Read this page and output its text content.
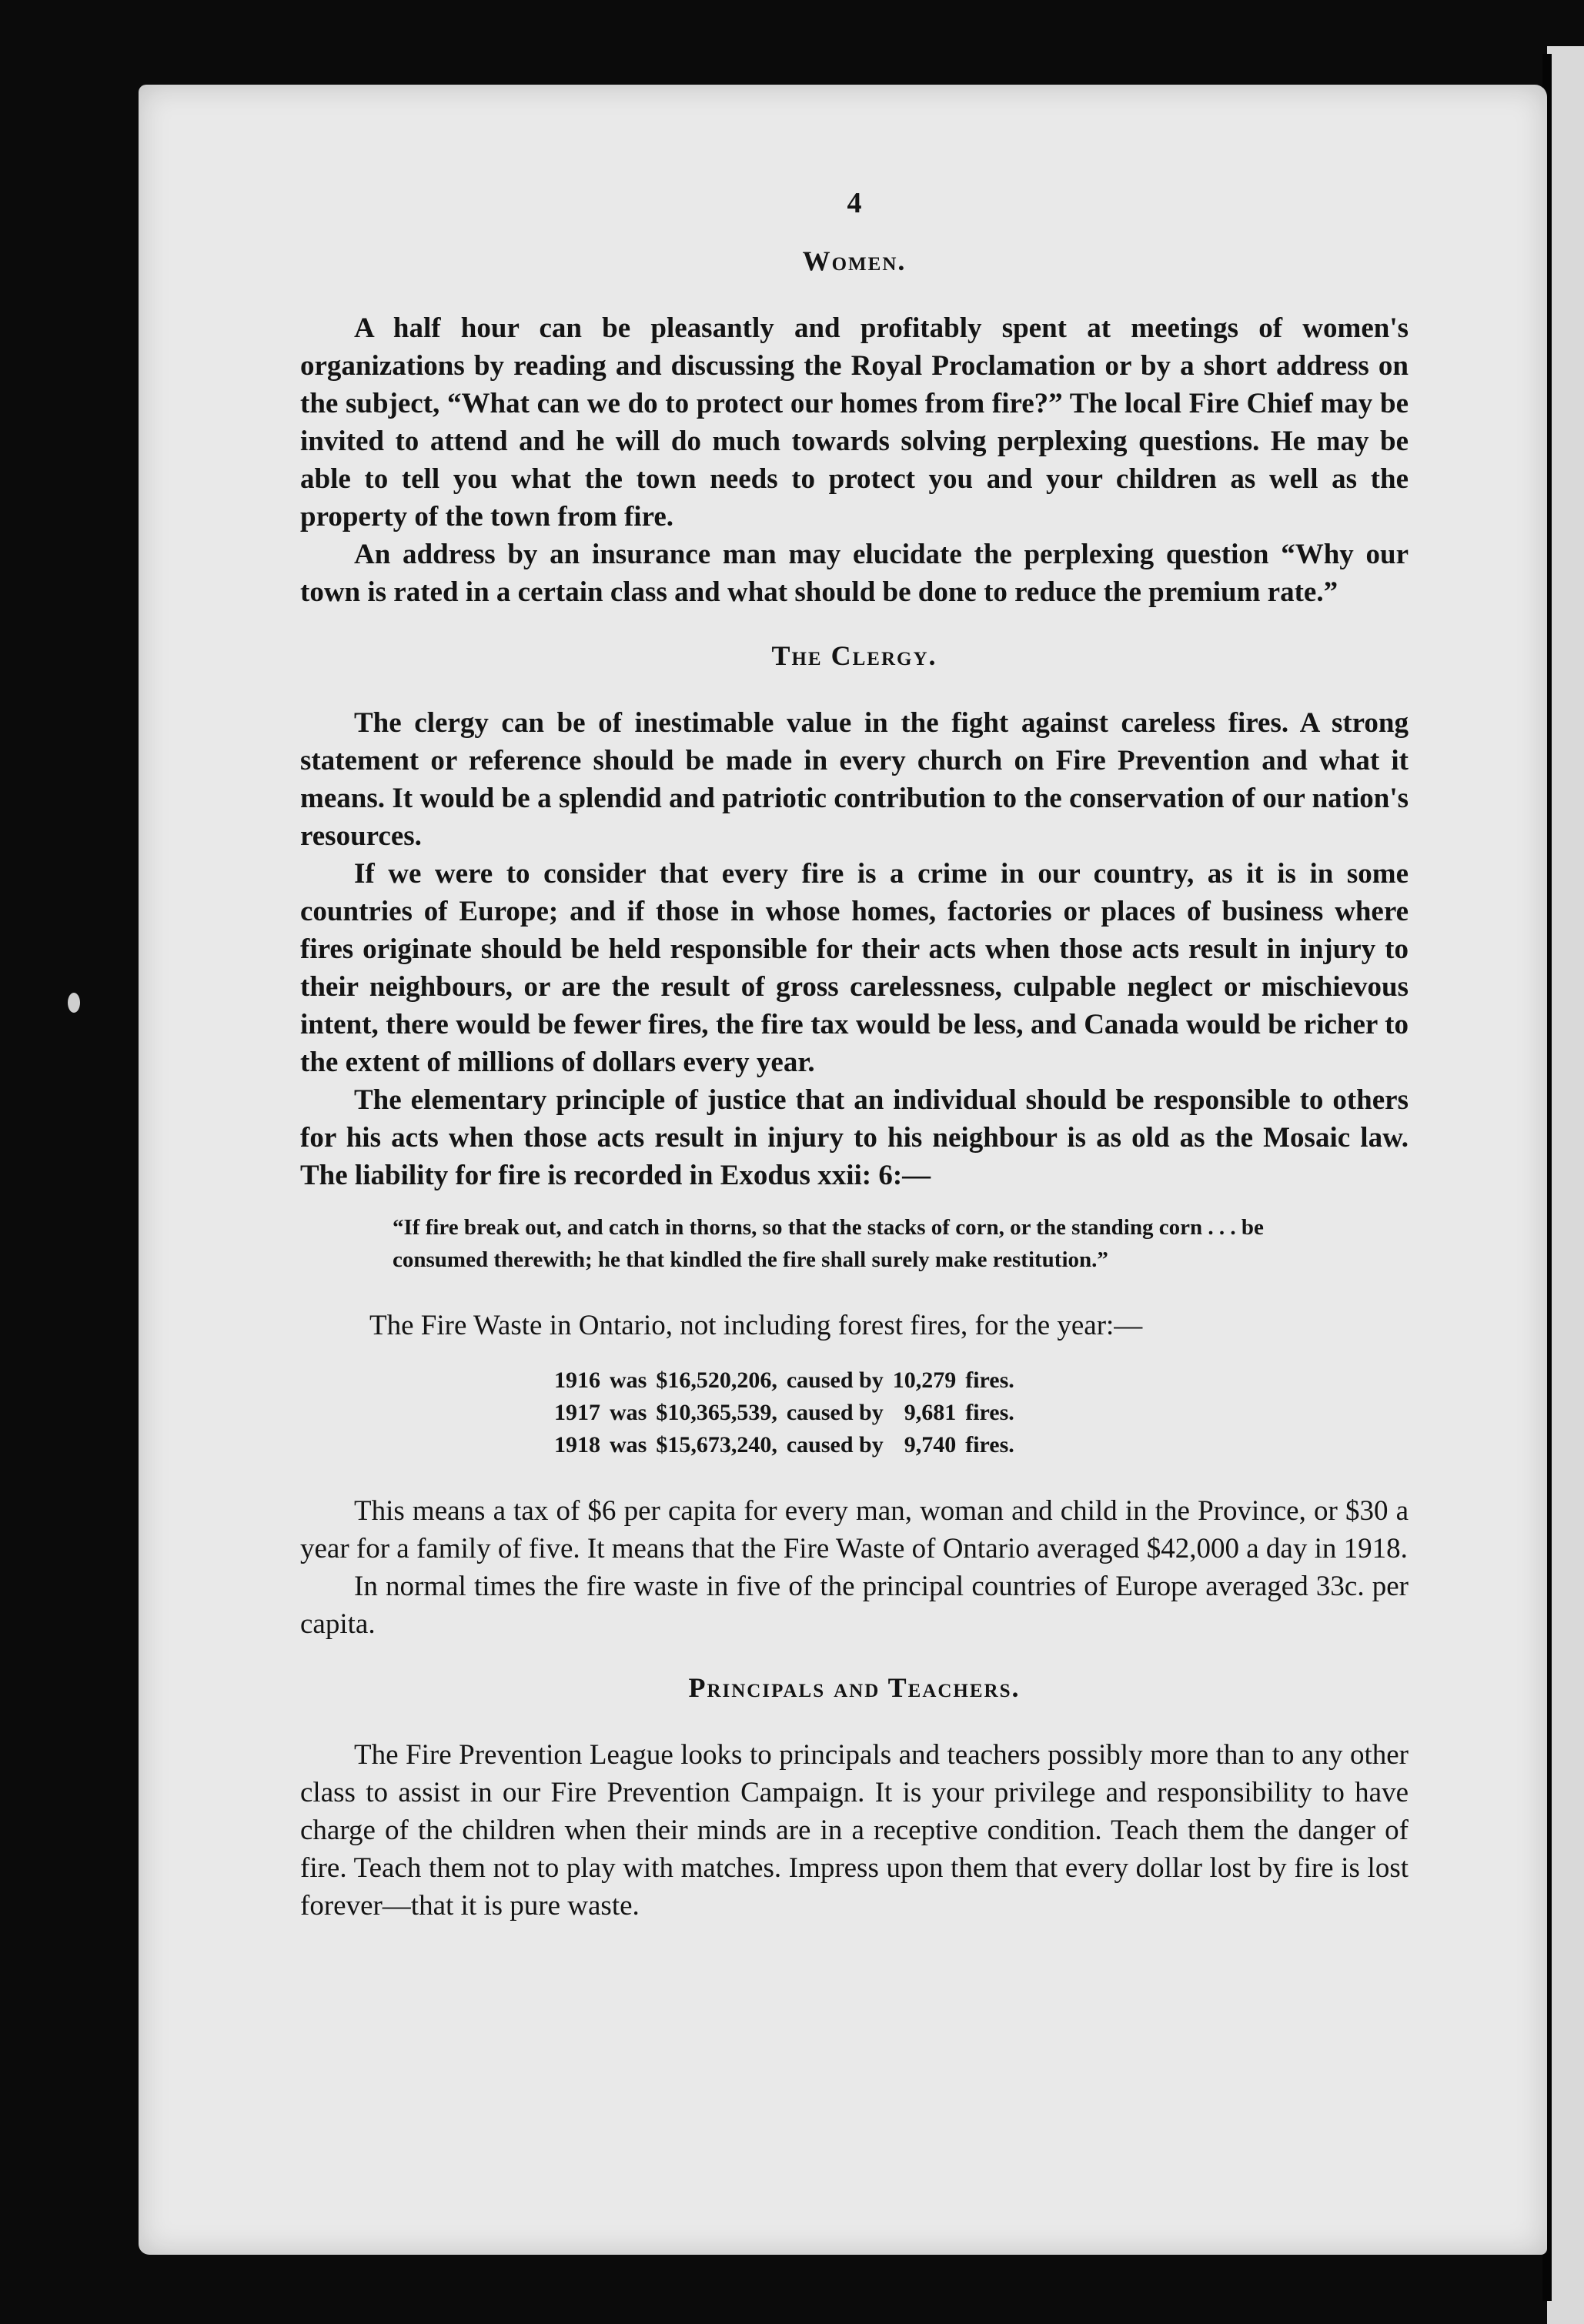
4
Women.

A half hour can be pleasantly and profitably spent at meetings of women's organizations by reading and discussing the Royal Proclamation or by a short address on the subject, “What can we do to protect our homes from fire?” The local Fire Chief may be invited to attend and he will do much towards solving perplexing questions. He may be able to tell you what the town needs to protect you and your children as well as the property of the town from fire.

An address by an insurance man may elucidate the perplexing question “Why our town is rated in a certain class and what should be done to reduce the premium rate.”

The Clergy.

The clergy can be of inestimable value in the fight against careless fires. A strong statement or reference should be made in every church on Fire Prevention and what it means. It would be a splendid and patriotic contribution to the conservation of our nation's resources.

If we were to consider that every fire is a crime in our country, as it is in some countries of Europe; and if those in whose homes, factories or places of business where fires originate should be held responsible for their acts when those acts result in injury to their neighbours, or are the result of gross carelessness, culpable neglect or mischievous intent, there would be fewer fires, the fire tax would be less, and Canada would be richer to the extent of millions of dollars every year.

The elementary principle of justice that an individual should be responsible to others for his acts when those acts result in injury to his neighbour is as old as the Mosaic law. The liability for fire is recorded in Exodus xxii: 6:—

“If fire break out, and catch in thorns, so that the stacks of corn, or the standing corn . . . be consumed therewith; he that kindled the fire shall surely make restitution.”

The Fire Waste in Ontario, not including forest fires, for the year:—

1916	was	$16,520,206,	caused by	10,279	fires.
1917	was	$10,365,539,	caused by	9,681	fires.
1918	was	$15,673,240,	caused by	9,740	fires.

This means a tax of $6 per capita for every man, woman and child in the Province, or $30 a year for a family of five. It means that the Fire Waste of Ontario averaged $42,000 a day in 1918.

In normal times the fire waste in five of the principal countries of Europe averaged 33c. per capita.

Principals and Teachers.

The Fire Prevention League looks to principals and teachers possibly more than to any other class to assist in our Fire Prevention Campaign. It is your privilege and responsibility to have charge of the children when their minds are in a receptive condition. Teach them the danger of fire. Teach them not to play with matches. Impress upon them that every dollar lost by fire is lost forever—that it is pure waste.
